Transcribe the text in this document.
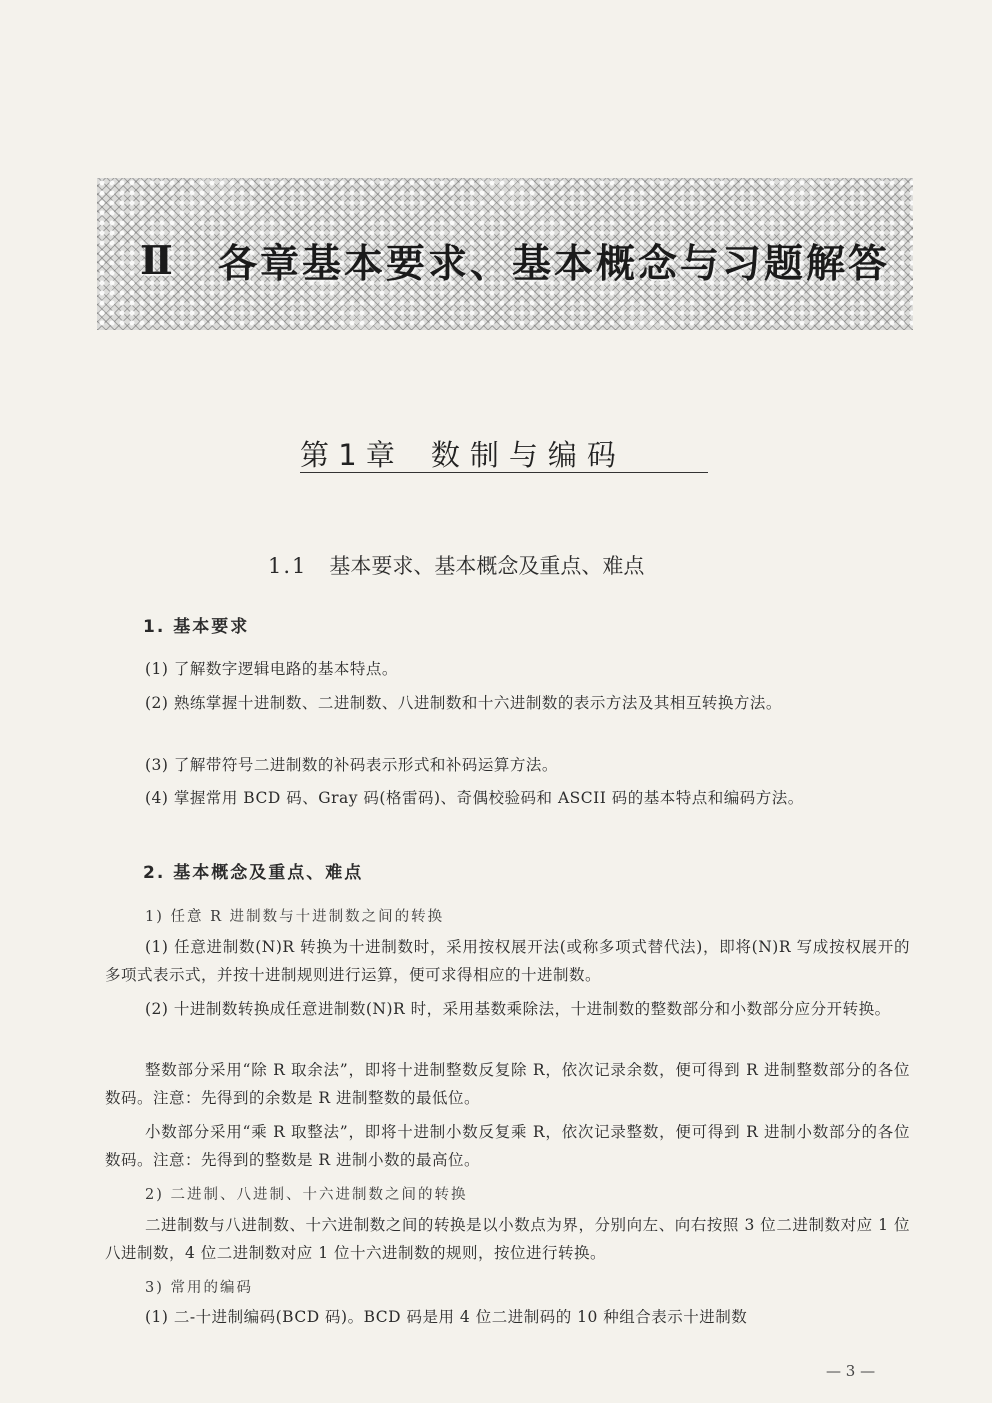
Ⅱ	各章基本要求、基本概念与习题解答
第 1 章 数制与编码
1.1 基本要求、基本概念及重点、难点
1. 基本要求
(1) 了解数字逻辑电路的基本特点。
(2) 熟练掌握十进制数、二进制数、八进制数和十六进制数的表示方法及其相互转换方法。
(3) 了解带符号二进制数的补码表示形式和补码运算方法。
(4) 掌握常用 BCD 码、Gray 码(格雷码)、奇偶校验码和 ASCII 码的基本特点和编码方法。
2. 基本概念及重点、难点
1) 任意 R 进制数与十进制数之间的转换
(1) 任意进制数(N)R 转换为十进制数时，采用按权展开法(或称多项式替代法)，即将(N)R 写成按权展开的多项式表示式，并按十进制规则进行运算，便可求得相应的十进制数。
(2) 十进制数转换成任意进制数(N)R 时，采用基数乘除法，十进制数的整数部分和小数部分应分开转换。
整数部分采用“除 R 取余法”，即将十进制整数反复除 R，依次记录余数，便可得到 R 进制整数部分的各位数码。注意：先得到的余数是 R 进制整数的最低位。
小数部分采用“乘 R 取整法”，即将十进制小数反复乘 R，依次记录整数，便可得到 R 进制小数部分的各位数码。注意：先得到的整数是 R 进制小数的最高位。
2) 二进制、八进制、十六进制数之间的转换
二进制数与八进制数、十六进制数之间的转换是以小数点为界，分别向左、向右按照 3 位二进制数对应 1 位八进制数，4 位二进制数对应 1 位十六进制数的规则，按位进行转换。
3) 常用的编码
(1) 二-十进制编码(BCD 码)。BCD 码是用 4 位二进制码的 10 种组合表示十进制数
— 3 —
